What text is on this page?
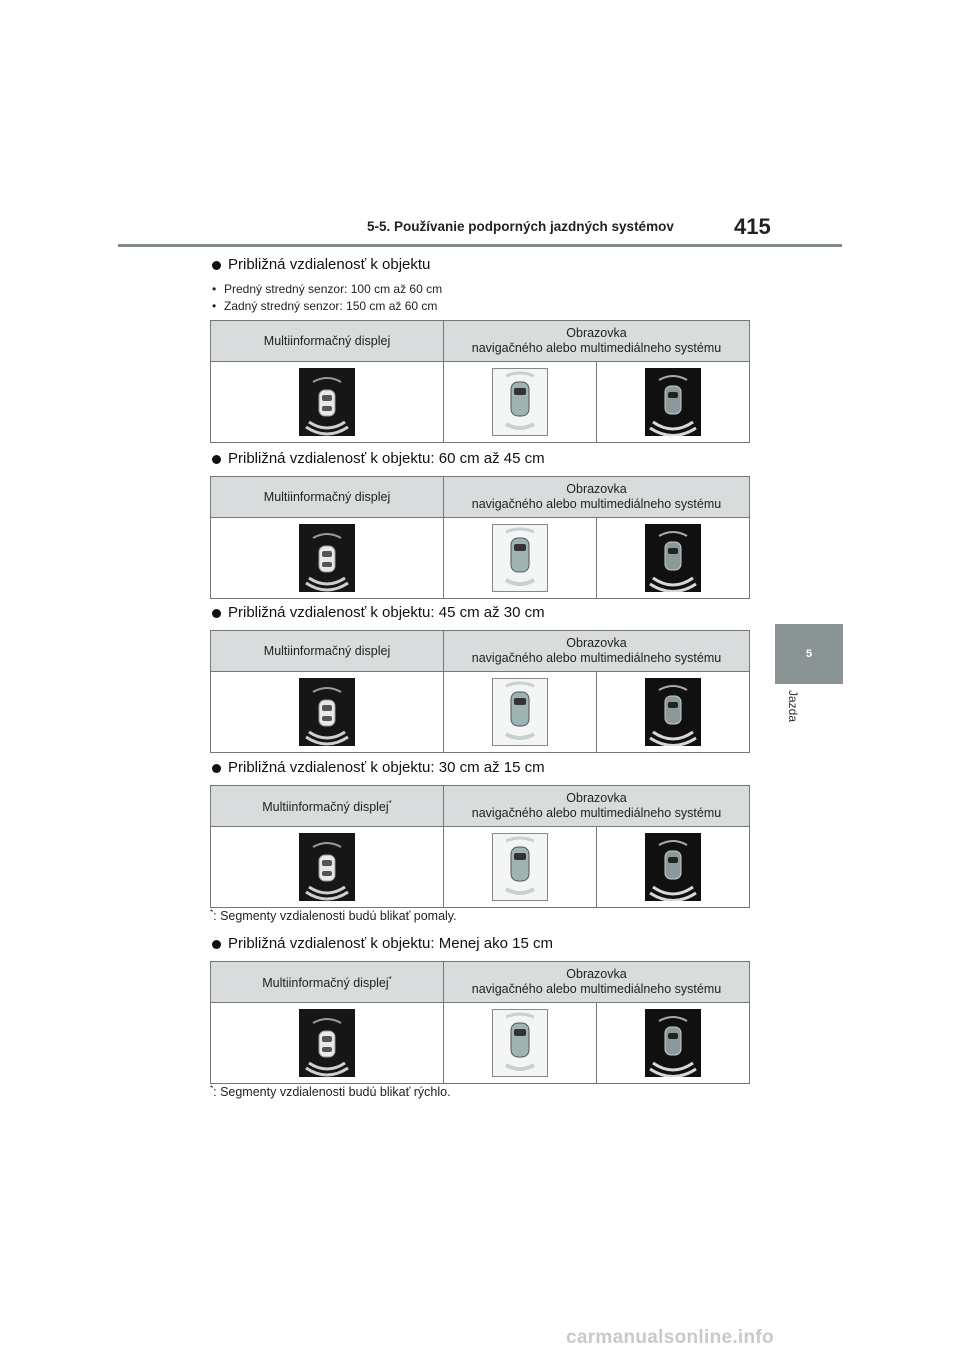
5-5. Používanie podporných jazdných systémov	415
5
Jazda
Približná vzdialenosť k objektu
• Predný stredný senzor: 100 cm až 60 cm
• Zadný stredný senzor: 150 cm až 60 cm
Multiinformačný displej	Obrazovka
navigačného alebo multimediálneho systému	

Približná vzdialenosť k objektu: 60 cm až 45 cm
Multiinformačný displej	Obrazovka
navigačného alebo multimediálneho systému	

Približná vzdialenosť k objektu: 45 cm až 30 cm
Multiinformačný displej	Obrazovka
navigačného alebo multimediálneho systému	

Približná vzdialenosť k objektu: 30 cm až 15 cm
Multiinformačný displej*	Obrazovka
navigačného alebo multimediálneho systému	

*: Segmenty vzdialenosti budú blikať pomaly.
Približná vzdialenosť k objektu: Menej ako 15 cm
Multiinformačný displej*	Obrazovka
navigačného alebo multimediálneho systému	

*: Segmenty vzdialenosti budú blikať rýchlo.
carmanualsonline.info
